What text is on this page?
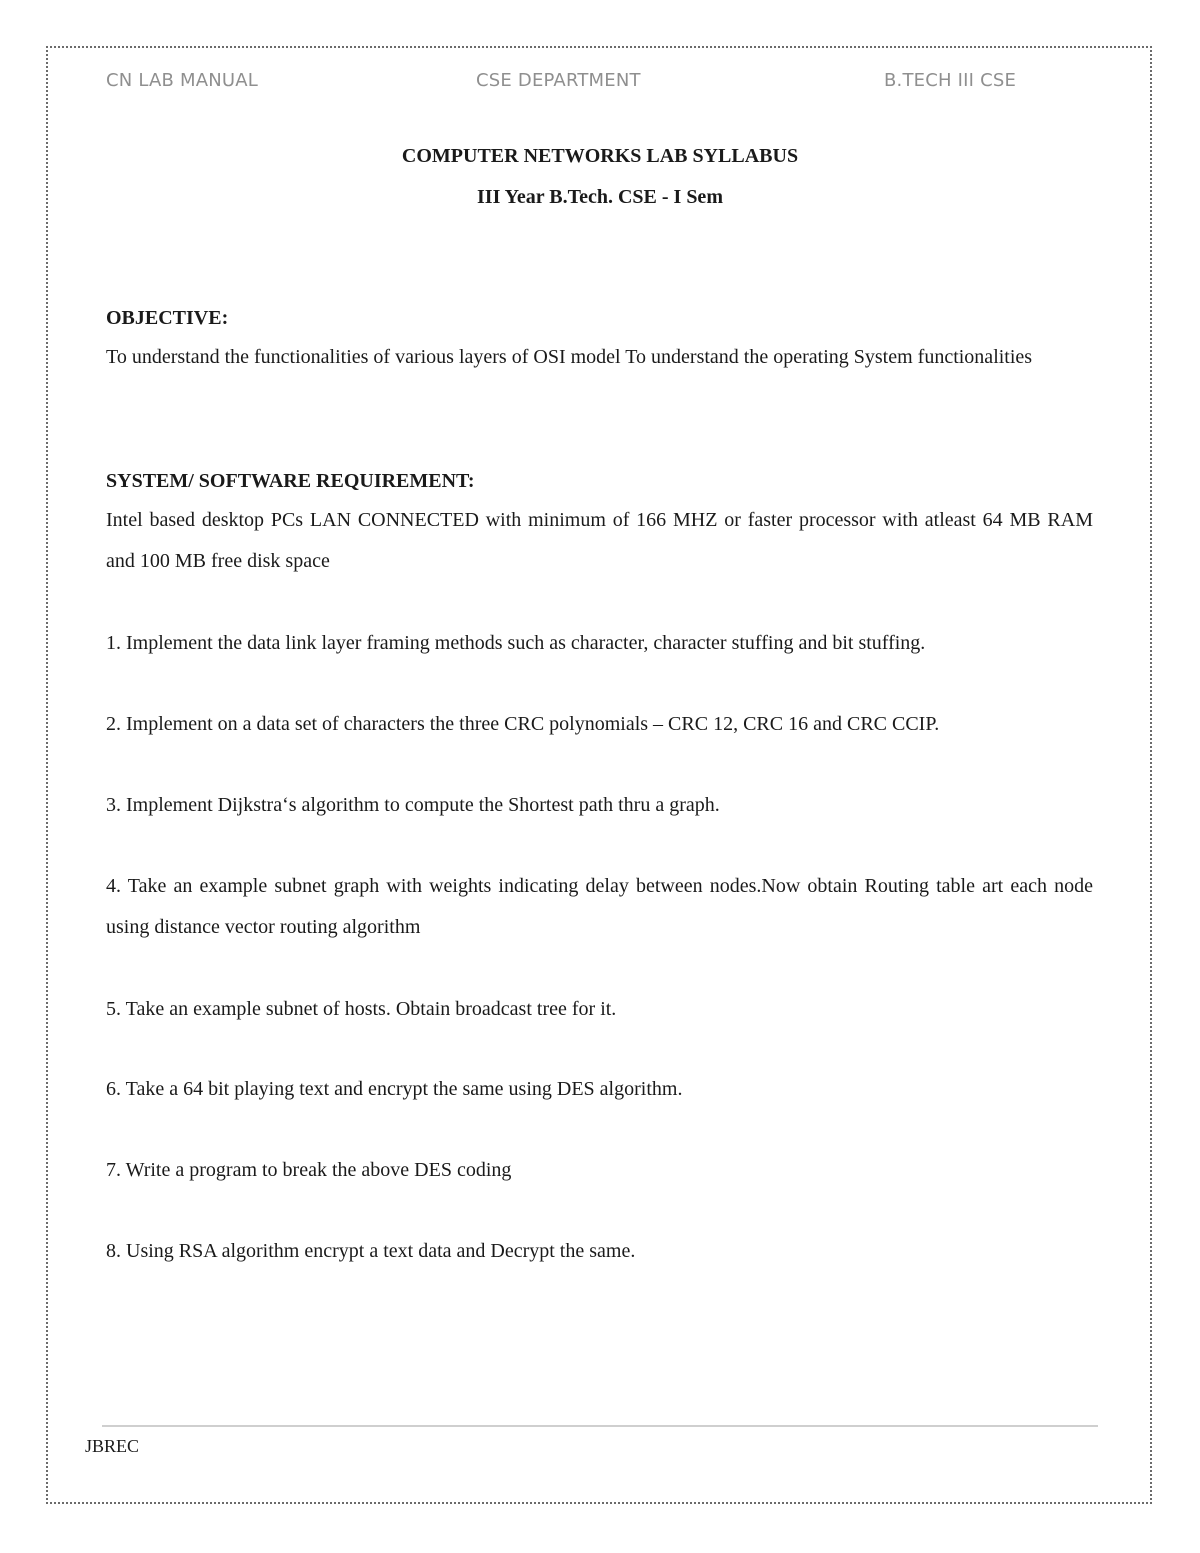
CN LAB MANUAL	CSE DEPARTMENT	B.TECH III CSE
COMPUTER NETWORKS LAB SYLLABUS
III Year B.Tech. CSE - I Sem
OBJECTIVE:
To understand the functionalities of various layers of OSI model To understand the operating System functionalities
SYSTEM/ SOFTWARE REQUIREMENT:
Intel based desktop PCs LAN CONNECTED with minimum of 166 MHZ or faster processor with atleast 64 MB RAM and 100 MB free disk space
1. Implement the data link layer framing methods such as character, character stuffing and bit stuffing.
2. Implement on a data set of characters the three CRC polynomials – CRC 12, CRC 16 and CRC CCIP.
3. Implement Dijkstra‘s algorithm to compute the Shortest path thru a graph.
4. Take an example subnet graph with weights indicating delay between nodes.Now obtain Routing table art each node using distance vector routing algorithm
5. Take an example subnet of hosts. Obtain broadcast tree for it.
6. Take a 64 bit playing text and encrypt the same using DES algorithm.
7. Write a program to break the above DES coding
8. Using RSA algorithm encrypt a text data and Decrypt the same.
JBREC
